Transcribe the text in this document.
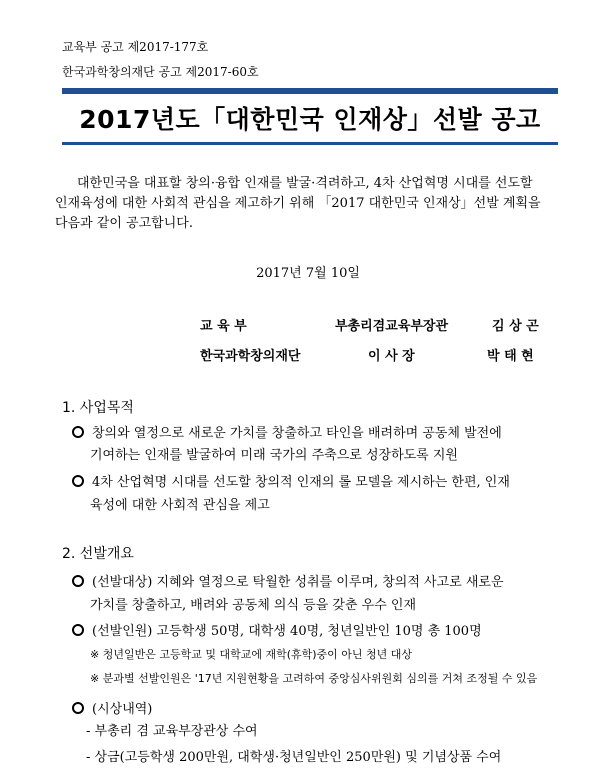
교육부 공고 제2017-177호
한국과학창의재단 공고 제2017-60호
2017년도「대한민국 인재상」선발 공고
대한민국을 대표할 창의·융합 인재를 발굴·격려하고, 4차 산업혁명 시대를 선도할
인재육성에 대한 사회적 관심을 제고하기 위해 「2017 대한민국 인재상」선발 계획을
다음과 같이 공고합니다.
2017년 7월 10일
교 육 부	부총리겸교육부장관	김 상 곤
한국과학창의재단	이 사 장	박 태 현
1. 사업목적
창의와 열정으로 새로운 가치를 창출하고 타인을 배려하며 공동체 발전에
기여하는 인재를 발굴하여 미래 국가의 주축으로 성장하도록 지원
4차 산업혁명 시대를 선도할 창의적 인재의 롤 모델을 제시하는 한편, 인재
육성에 대한 사회적 관심을 제고
2. 선발개요
(선발대상) 지혜와 열정으로 탁월한 성취를 이루며, 창의적 사고로 새로운
가치를 창출하고, 배려와 공동체 의식 등을 갖춘 우수 인재
(선발인원) 고등학생 50명, 대학생 40명, 청년일반인 10명 총 100명
※ 청년일반은 고등학교 및 대학교에 재학(휴학)중이 아닌 청년 대상
※ 분과별 선발인원은 '17년 지원현황을 고려하여 중앙심사위원회 심의를 거쳐 조정될 수 있음
(시상내역)
- 부총리 겸 교육부장관상 수여
- 상금(고등학생 200만원, 대학생·청년일반인 250만원) 및 기념상품 수여
